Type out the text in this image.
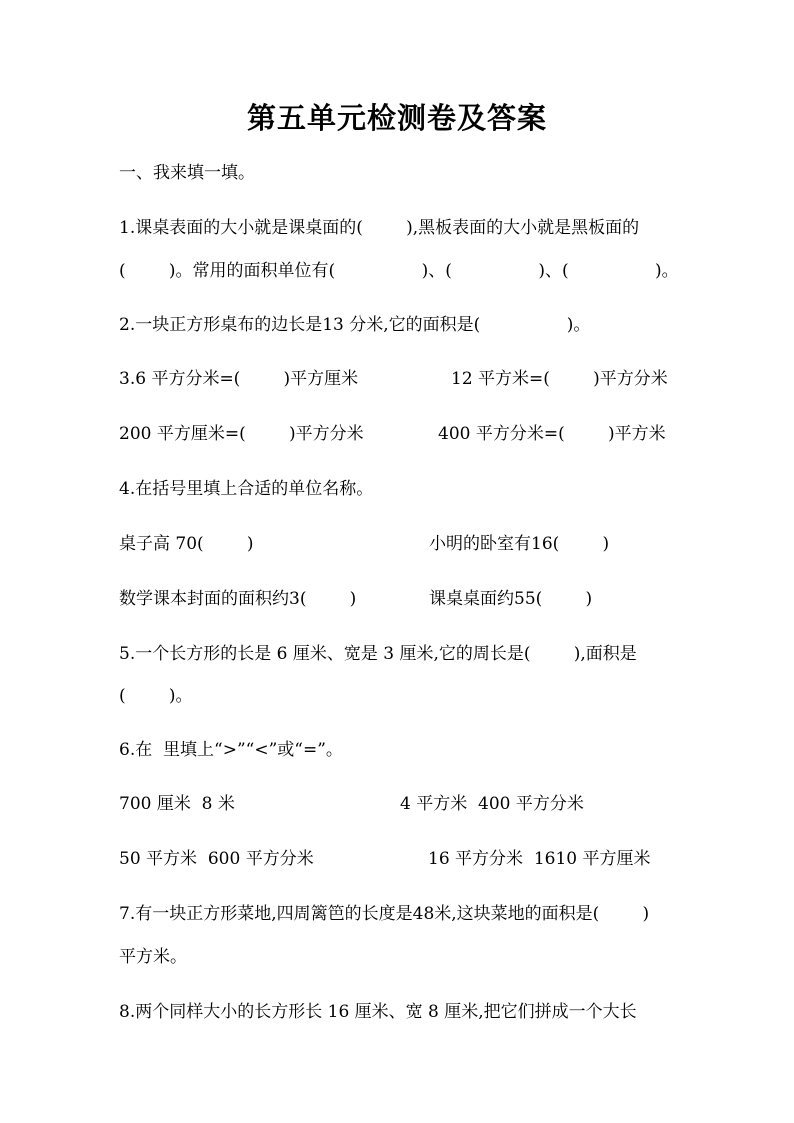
第五单元检测卷及答案
一、我来填一填。
1.课桌表面的大小就是课桌面的(        ),黑板表面的大小就是黑板面的
(        )。常用的面积单位有(                )、(                )、(                )。
2.一块正方形桌布的边长是13 分米,它的面积是(                )。
3.6 平方分米=(        )平方厘米	12 平方米=(        )平方分米
200 平方厘米=(        )平方分米	400 平方分米=(        )平方米
4.在括号里填上合适的单位名称。
桌子高 70(        )	小明的卧室有16(        )
数学课本封面的面积约3(        )	课桌桌面约55(        )
5.一个长方形的长是 6 厘米、宽是 3 厘米,它的周长是(        ),面积是
(        )。
6.在  里填上“>”“<”或“=”。
700 厘米  8 米	4 平方米  400 平方分米
50 平方米  600 平方分米	16 平方分米  1610 平方厘米
7.有一块正方形菜地,四周篱笆的长度是48米,这块菜地的面积是(        )
平方米。
8.两个同样大小的长方形长 16 厘米、宽 8 厘米,把它们拼成一个大长
